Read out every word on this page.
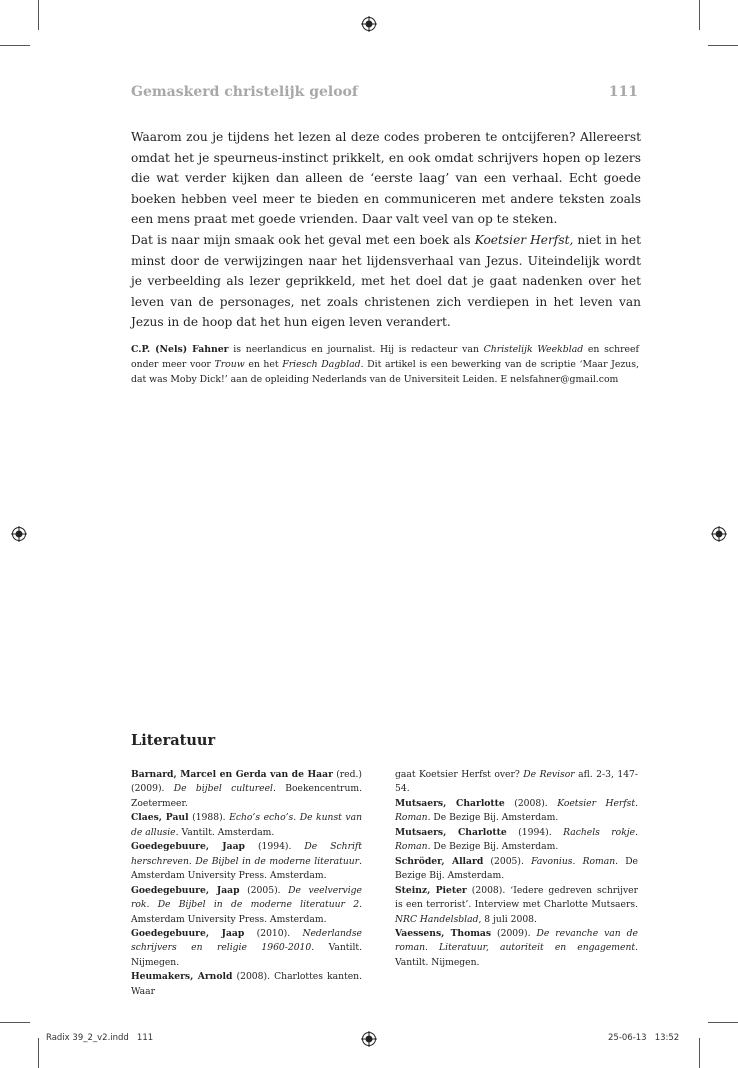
Gemaskerd christelijk geloof	111

Waarom zou je tijdens het lezen al deze codes proberen te ontcijferen? Allereerst omdat het je speurneus-instinct prikkelt, en ook omdat schrijvers hopen op lezers die wat verder kijken dan alleen de ‘eerste laag’ van een verhaal. Echt goede boeken hebben veel meer te bieden en communiceren met andere teksten zoals een mens praat met goede vrienden. Daar valt veel van op te steken.

Dat is naar mijn smaak ook het geval met een boek als Koetsier Herfst, niet in het minst door de verwijzingen naar het lijdensverhaal van Jezus. Uiteindelijk wordt je verbeelding als lezer geprikkeld, met het doel dat je gaat nadenken over het leven van de personages, net zoals christenen zich verdiepen in het leven van Jezus in de hoop dat het hun eigen leven verandert.

C.P. (Nels) Fahner is neerlandicus en journalist. Hij is redacteur van Christelijk Weekblad en schreef onder meer voor Trouw en het Friesch Dagblad. Dit artikel is een bewerking van de scriptie ‘Maar Jezus, dat was Moby Dick!’ aan de opleiding Nederlands van de Universiteit Leiden. E nelsfahner@gmail.com
Literatuur

Barnard, Marcel en Gerda van de Haar (red.) (2009). De bijbel cultureel. Boekencentrum. Zoetermeer.

Claes, Paul (1988). Echo’s echo’s. De kunst van de allusie. Vantilt. Amsterdam.

Goedegebuure, Jaap (1994). De Schrift herschreven. De Bijbel in de moderne literatuur. Amsterdam University Press. Amsterdam.

Goedegebuure, Jaap (2005). De veelvervige rok. De Bijbel in de moderne literatuur 2. Amsterdam University Press. Amsterdam.

Goedegebuure, Jaap (2010). Nederlandse schrijvers en religie 1960-2010. Vantilt. Nijmegen.

Heumakers, Arnold (2008). Charlottes kanten. Waar

gaat Koetsier Herfst over? De Revisor afl. 2-3, 147-54.

Mutsaers, Charlotte (2008). Koetsier Herfst. Roman. De Bezige Bij. Amsterdam.

Mutsaers, Charlotte (1994). Rachels rokje. Roman. De Bezige Bij. Amsterdam.

Schröder, Allard (2005). Favonius. Roman. De Bezige Bij. Amsterdam.

Steinz, Pieter (2008). ‘Iedere gedreven schrijver is een terrorist’. Interview met Charlotte Mutsaers. NRC Handelsblad, 8 juli 2008.

Vaessens, Thomas (2009). De revanche van de roman. Literatuur, autoriteit en engagement. Vantilt. Nijmegen.

Radix 39_2_v2.indd   111	25-06-13   13:52
